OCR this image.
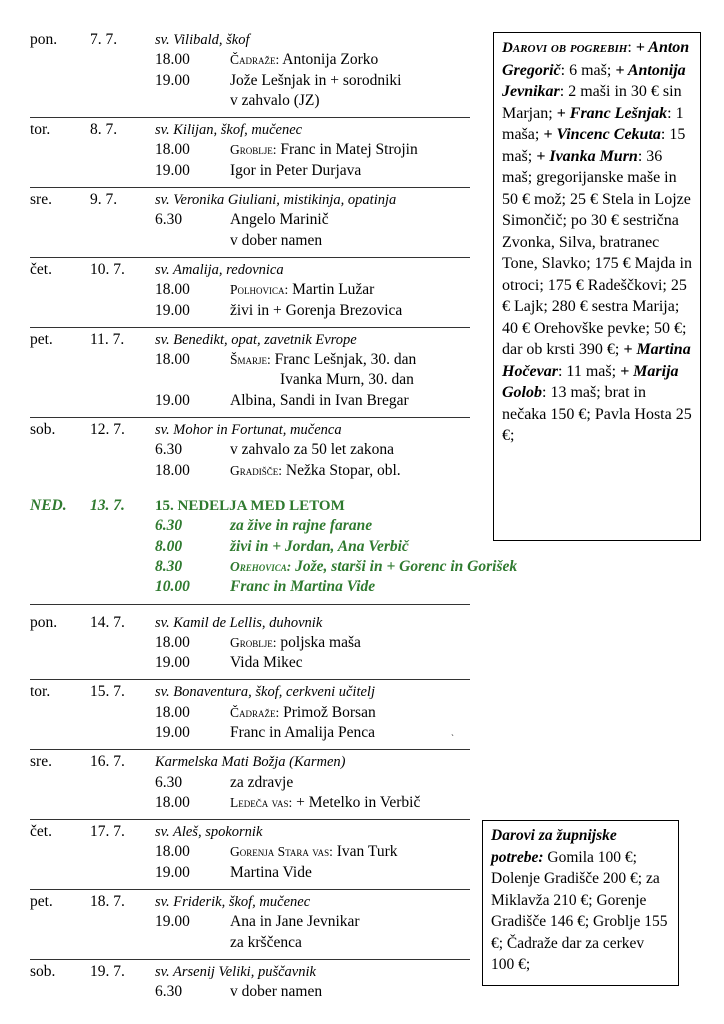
pon. 7. 7.	sv. Vilibald, škof
18.00	Čadraže: Antonija Zorko
19.00	Jože Lešnjak in + sorodniki
v zahvalo (JZ)
tor.	8. 7.	sv. Kilijan, škof, mučenec
18.00	Groblje: Franc in Matej Strojin
19.00	Igor in Peter Durjava
sre. 9. 7.	sv. Veronika Giuliani, mistikinja, opatinja
6.30	Angelo Marinič
v dober namen
čet. 10. 7. sv. Amalija, redovnica
18.00	Polhovica: Martin Lužar
19.00	živi in + Gorenja Brezovica
pet. 11. 7. sv. Benedikt, opat, zavetnik Evrope
18.00	Šmarje: Franc Lešnjak, 30. dan
Ivanka Murn, 30. dan
19.00	Albina, Sandi in Ivan Bregar
sob. 12. 7. sv. Mohor in Fortunat, mučenca
6.30	v zahvalo za 50 let zakona
18.00	Gradišče: Nežka Stopar, obl.
NED. 13. 7. 15. NEDELJA MED LETOM
6.30	za žive in rajne farane
8.00	živi in + Jordan, Ana Verbič
8.30	Orehovica: Jože, starši in + Gorenc in Gorišek
10.00	Franc in Martina Vide
pon. 14. 7. sv. Kamil de Lellis, duhovnik
18.00	Groblje: poljska maša
19.00	Vida Mikec
tor.	15. 7. sv. Bonaventura, škof, cerkveni učitelj
18.00	Čadraže: Primož Borsan
19.00	Franc in Amalija Penca
sre. 16. 7. Karmelska Mati Božja (Karmen)
6.30	za zdravje
18.00	Ledeča vas: + Metelko in Verbič
čet. 17. 7. sv. Aleš, spokornik
18.00	Gorenja Stara vas: Ivan Turk
19.00	Martina Vide
pet. 18. 7. sv. Friderik, škof, mučenec
19.00	Ana in Jane Jevnikar
za krščenca
sob. 19. 7. sv. Arsenij Veliki, puščavnik
6.30	v dober namen
Darovi ob pogrebih: + Anton Gregorič: 6 maš; + Antonija Jevnikar: 2 maši in 30 € sin Marjan; + Franc Lešnjak: 1 maša; + Vincenc Cekuta: 15 maš; + Ivanka Murn: 36 maš; gregorijanske maše in 50 € mož; 25 € Stela in Lojze Simončič; po 30 € sestrična Zvonka, Silva, bratranec Tone, Slavko; 175 € Majda in otroci; 175 € Radeščkovi; 25 € Lajk; 280 € sestra Marija; 40 € Orehovške pevke; 50 €; dar ob krsti 390 €; + Martina Hočevar: 11 maš; + Marija Golob: 13 maš; brat in nečaka 150 €; Pavla Hosta 25 €;
Darovi za župnijske potrebe: Gomila 100 €; Dolenje Gradišče 200 €; za Miklavža 210 €; Gorenje Gradišče 146 €; Groblje 155 €; Čadraže dar za cerkev 100 €;
ˏ
